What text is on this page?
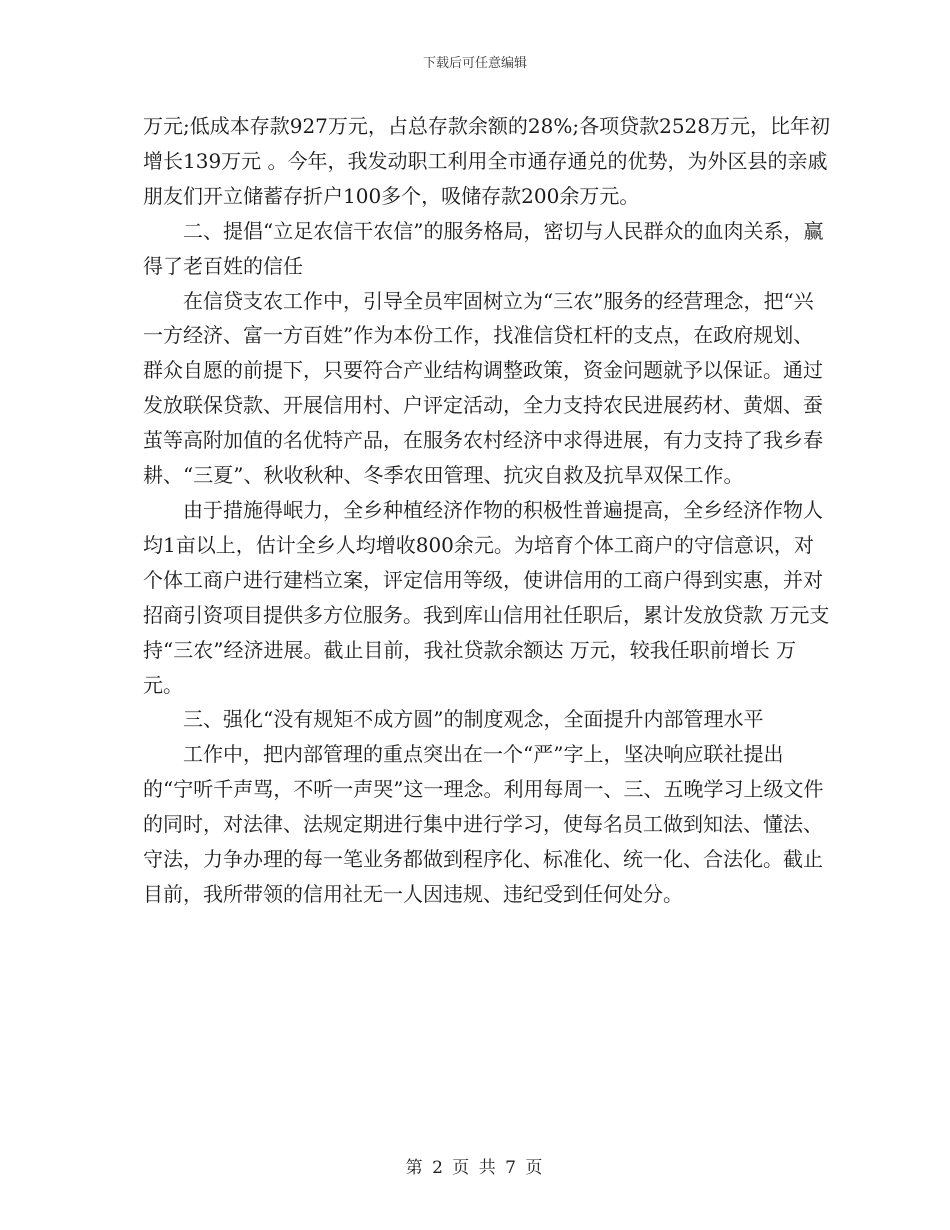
下载后可任意编辑

万元;低成本存款927万元，占总存款余额的28%;各项贷款2528万元，比年初增长139万元 。今年，我发动职工利用全市通存通兑的优势，为外区县的亲戚朋友们开立储蓄存折户100多个，吸储存款200余万元。

二、提倡“立足农信干农信”的服务格局，密切与人民群众的血肉关系，赢得了老百姓的信任

在信贷支农工作中，引导全员牢固树立为“三农”服务的经营理念，把“兴一方经济、富一方百姓”作为本份工作，找准信贷杠杆的支点，在政府规划、群众自愿的前提下，只要符合产业结构调整政策，资金问题就予以保证。通过发放联保贷款、开展信用村、户评定活动，全力支持农民进展药材、黄烟、蚕茧等高附加值的名优特产品，在服务农村经济中求得进展，有力支持了我乡春耕、“三夏”、秋收秋种、冬季农田管理、抗灾自救及抗旱双保工作。

由于措施得岷力，全乡种植经济作物的积极性普遍提高，全乡经济作物人均1亩以上，估计全乡人均增收800余元。为培育个体工商户的守信意识，对个体工商户进行建档立案，评定信用等级，使讲信用的工商户得到实惠，并对招商引资项目提供多方位服务。我到库山信用社任职后，累计发放贷款 万元支持“三农”经济进展。截止目前，我社贷款余额达 万元，较我任职前增长 万元。

三、强化“没有规矩不成方圆”的制度观念，全面提升内部管理水平

工作中，把内部管理的重点突出在一个“严”字上，坚决响应联社提出的“宁听千声骂，不听一声哭”这一理念。利用每周一、三、五晚学习上级文件的同时，对法律、法规定期进行集中进行学习，使每名员工做到知法、懂法、守法，力争办理的每一笔业务都做到程序化、标准化、统一化、合法化。截止目前，我所带领的信用社无一人因违规、违纪受到任何处分。

第 2 页 共 7 页
